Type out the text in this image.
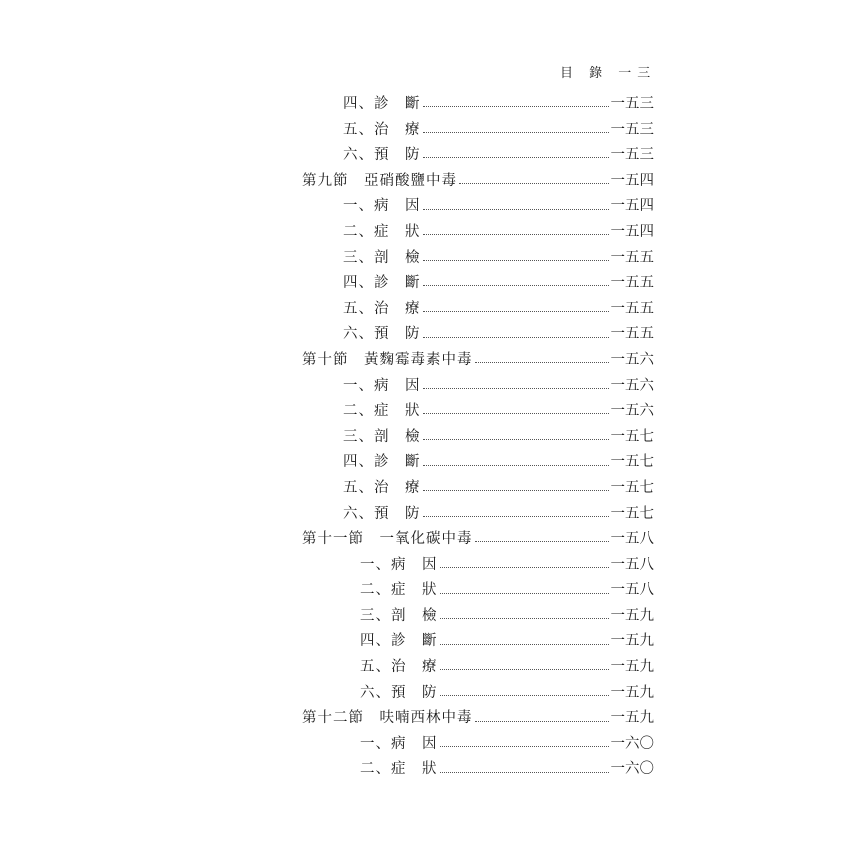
目 錄 一三
四、診　斷	一五三
五、治　療	一五三
六、預　防	一五三
第九節　亞硝酸鹽中毒	一五四
一、病　因	一五四
二、症　狀	一五四
三、剖　檢	一五五
四、診　斷	一五五
五、治　療	一五五
六、預　防	一五五
第十節　黃麴霉毒素中毒	一五六
一、病　因	一五六
二、症　狀	一五六
三、剖　檢	一五七
四、診　斷	一五七
五、治　療	一五七
六、預　防	一五七
第十一節　一氧化碳中毒	一五八
一、病　因	一五八
二、症　狀	一五八
三、剖　檢	一五九
四、診　斷	一五九
五、治　療	一五九
六、預　防	一五九
第十二節　呋喃西林中毒	一五九
一、病　因	一六〇
二、症　狀	一六〇
